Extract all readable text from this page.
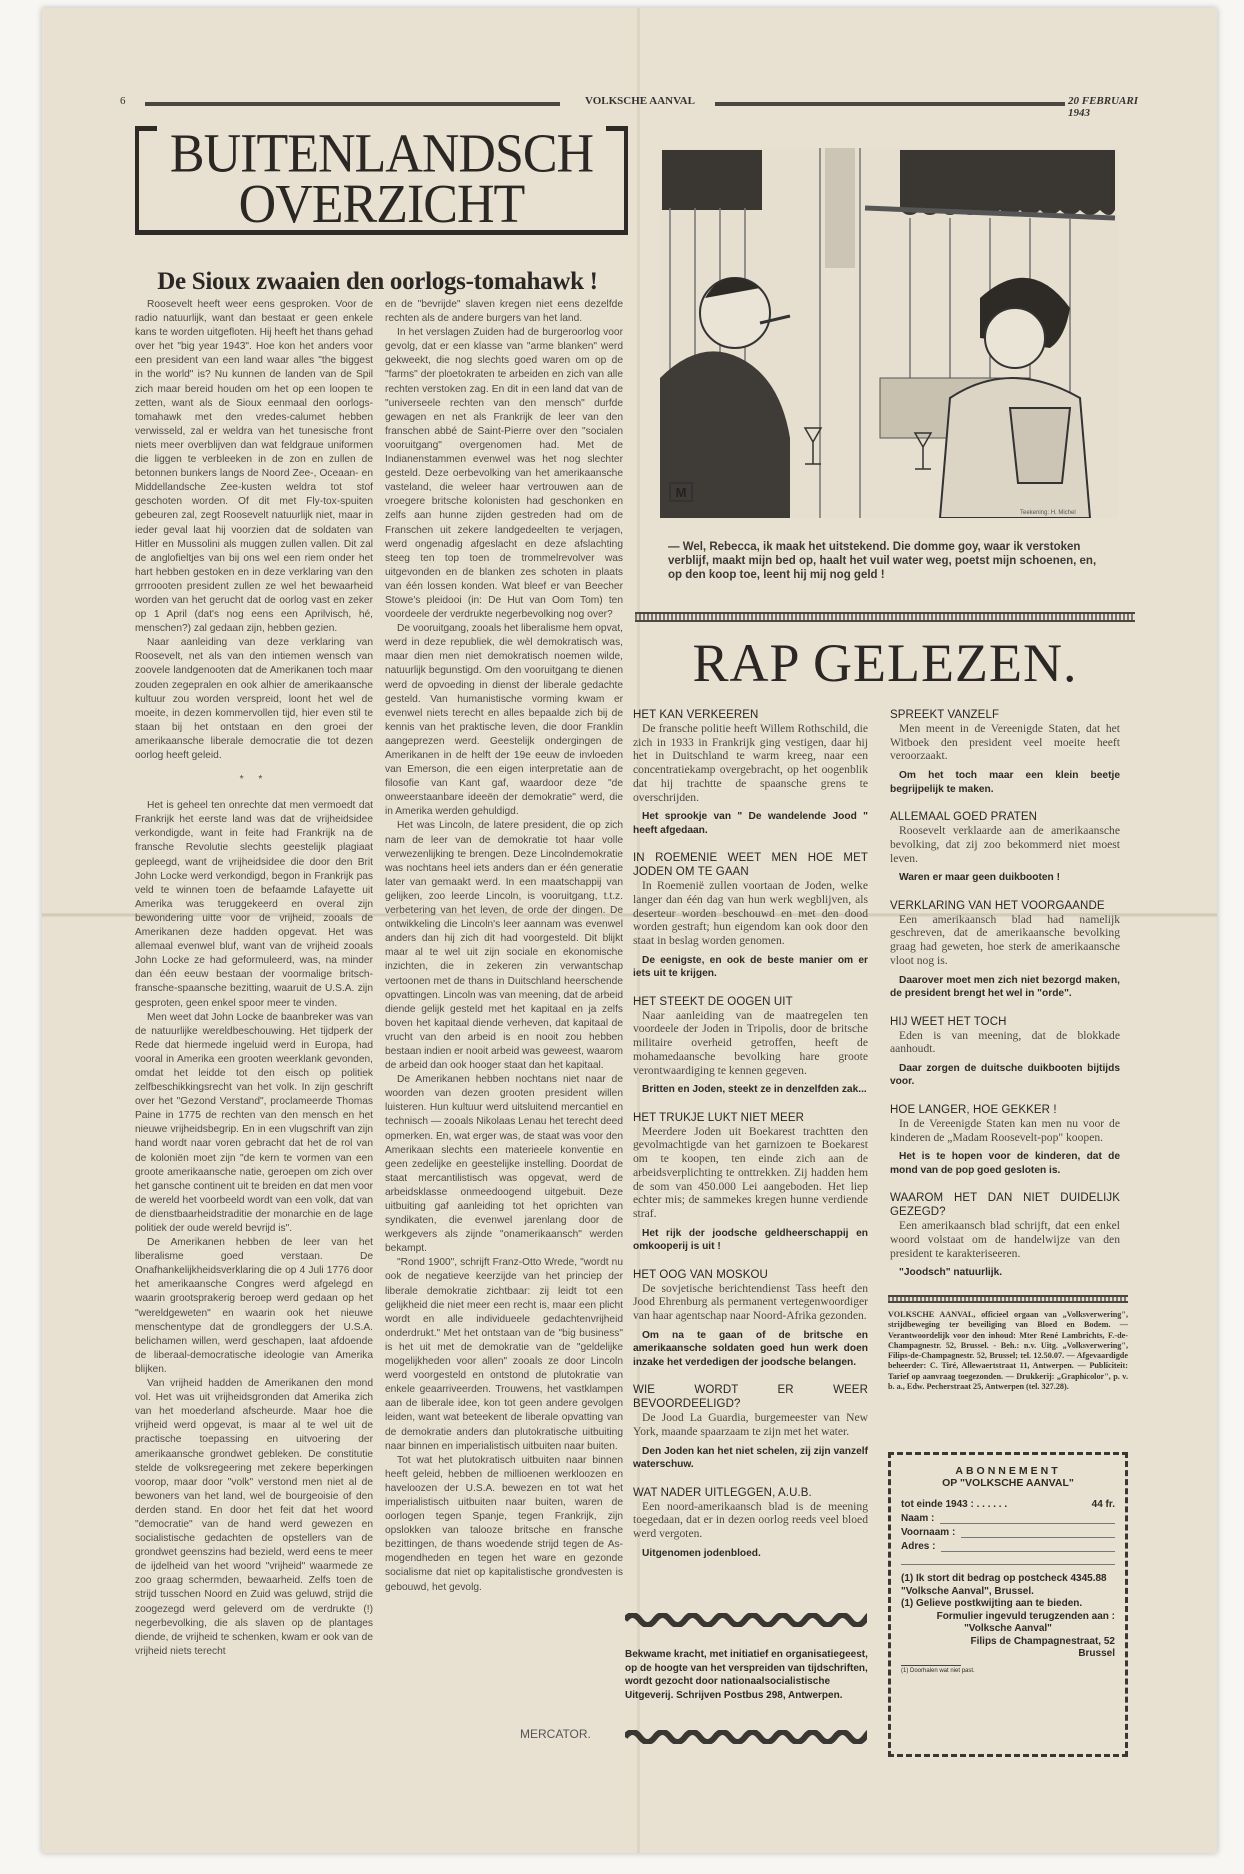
6	VOLKSCHE AANVAL	20 FEBRUARI 1943
BUITENLANDSCH
OVERZICHT
De Sioux zwaaien den oorlogs-tomahawk !

Roosevelt heeft weer eens gesproken. Voor de radio natuurlijk, want dan bestaat er geen enkele kans te worden uitgefloten. Hij heeft het thans gehad over het "big year 1943". Hoe kon het anders voor een president van een land waar alles "the biggest in the world" is? Nu kunnen de landen van de Spil zich maar bereid houden om het op een loopen te zetten, want als de Sioux eenmaal den oorlogs-tomahawk met den vredes-calumet hebben verwisseld, zal er weldra van het tunesische front niets meer overblijven dan wat feldgraue uniformen die liggen te verbleeken in de zon en zullen de betonnen bunkers langs de Noord Zee-, Oceaan- en Middellandsche Zee-kusten weldra tot stof geschoten worden. Of dit met Fly-tox-spuiten gebeuren zal, zegt Roosevelt natuurlijk niet, maar in ieder geval laat hij voorzien dat de soldaten van Hitler en Mussolini als muggen zullen vallen. Dit zal de anglofieltjes van bij ons wel een riem onder het hart hebben gestoken en in deze verklaring van den grrroooten president zullen ze wel het bewaarheid worden van het gerucht dat de oorlog vast en zeker op 1 April (dat's nog eens een Aprilvisch, hé, menschen?) zal gedaan zijn, hebben gezien.

Naar aanleiding van deze verklaring van Roosevelt, net als van den intiemen wensch van zoovele landgenooten dat de Amerikanen toch maar zouden zegepralen en ook alhier de amerikaansche kultuur zou worden verspreid, loont het wel de moeite, in dezen kommervollen tijd, hier even stil te staan bij het ontstaan en den groei der amerikaansche liberale democratie die tot dezen oorlog heeft geleid.

* *

Het is geheel ten onrechte dat men vermoedt dat Frankrijk het eerste land was dat de vrijheidsidee verkondigde, want in feite had Frankrijk na de fransche Revolutie slechts geestelijk plagiaat gepleegd, want de vrijheidsidee die door den Brit John Locke werd verkondigd, begon in Frankrijk pas veld te winnen toen de befaamde Lafayette uit Amerika was teruggekeerd en overal zijn bewondering uitte voor de vrijheid, zooals de Amerikanen deze hadden opgevat. Het was allemaal evenwel bluf, want van de vrijheid zooals John Locke ze had geformuleerd, was, na minder dan één eeuw bestaan der voormalige britsch-fransche-spaansche bezitting, waaruit de U.S.A. zijn gesproten, geen enkel spoor meer te vinden.

Men weet dat John Locke de baanbreker was van de natuurlijke wereldbeschouwing. Het tijdperk der Rede dat hiermede ingeluid werd in Europa, had vooral in Amerika een grooten weerklank gevonden, omdat het leidde tot den eisch op politiek zelfbeschikkingsrecht van het volk. In zijn geschrift over het "Gezond Verstand", proclameerde Thomas Paine in 1775 de rechten van den mensch en het nieuwe vrijheidsbegrip. En in een vlugschrift van zijn hand wordt naar voren gebracht dat het de rol van de koloniën moet zijn "de kern te vormen van een groote amerikaansche natie, geroepen om zich over het gansche continent uit te breiden en dat men voor de wereld het voorbeeld wordt van een volk, dat van de dienstbaarheidstraditie der monarchie en de lage politiek der oude wereld bevrijd is".

De Amerikanen hebben de leer van het liberalisme goed verstaan. De Onafhankelijkheidsverklaring die op 4 Juli 1776 door het amerikaansche Congres werd afgelegd en waarin grootsprakerig beroep werd gedaan op het "wereldgeweten" en waarin ook het nieuwe menschentype dat de grondleggers der U.S.A. belichamen willen, werd geschapen, laat afdoende de liberaal-democratische ideologie van Amerika blijken.

Van vrijheid hadden de Amerikanen den mond vol. Het was uit vrijheidsgronden dat Amerika zich van het moederland afscheurde. Maar hoe die vrijheid werd opgevat, is maar al te wel uit de practische toepassing en uitvoering der amerikaansche grondwet gebleken. De constitutie stelde de volksregeering met zekere beperkingen voorop, maar door "volk" verstond men niet al de bewoners van het land, wel de bourgeoisie of den derden stand. En door het feit dat het woord "democratie" van de hand werd gewezen en socialistische gedachten de opstellers van de grondwet geenszins had bezield, werd eens te meer de ijdelheid van het woord "vrijheid" waarmede ze zoo graag schermden, bewaarheid. Zelfs toen de strijd tusschen Noord en Zuid was geluwd, strijd die zoogezegd werd geleverd om de verdrukte (!) negerbevolking, die als slaven op de plantages diende, de vrijheid te schenken, kwam er ook van de vrijheid niets terecht

en de "bevrijde" slaven kregen niet eens dezelfde rechten als de andere burgers van het land.

In het verslagen Zuiden had de burgeroorlog voor gevolg, dat er een klasse van "arme blanken" werd gekweekt, die nog slechts goed waren om op de "farms" der ploetokraten te arbeiden en zich van alle rechten verstoken zag. En dit in een land dat van de "universeele rechten van den mensch" durfde gewagen en net als Frankrijk de leer van den franschen abbé de Saint-Pierre over den "socialen vooruitgang" overgenomen had. Met de Indianenstammen evenwel was het nog slechter gesteld. Deze oerbevolking van het amerikaansche vasteland, die weleer haar vertrouwen aan de vroegere britsche kolonisten had geschonken en zelfs aan hunne zijden gestreden had om de Franschen uit zekere landgedeelten te verjagen, werd ongenadig afgeslacht en deze afslachting steeg ten top toen de trommelrevolver was uitgevonden en de blanken zes schoten in plaats van één lossen konden. Wat bleef er van Beecher Stowe's pleidooi (in: De Hut van Oom Tom) ten voordeele der verdrukte negerbevolking nog over?

De vooruitgang, zooals het liberalisme hem opvat, werd in deze republiek, die wèl demokratisch was, maar dien men niet demokratisch noemen wilde, natuurlijk begunstigd. Om den vooruitgang te dienen werd de opvoeding in dienst der liberale gedachte gesteld. Van humanistische vorming kwam er evenwel niets terecht en alles bepaalde zich bij de kennis van het praktische leven, die door Franklin aangeprezen werd. Geestelijk ondergingen de Amerikanen in de helft der 19e eeuw de invloeden van Emerson, die een eigen interpretatie aan de filosofie van Kant gaf, waardoor deze "de onweerstaanbare ideeën der demokratie" werd, die in Amerika werden gehuldigd.

Het was Lincoln, de latere president, die op zich nam de leer van de demokratie tot haar volle verwezenlijking te brengen. Deze Lincolndemokratie was nochtans heel iets anders dan er één generatie later van gemaakt werd. In een maatschappij van gelijken, zoo leerde Lincoln, is vooruitgang, t.t.z. verbetering van het leven, de orde der dingen. De ontwikkeling die Lincoln's leer aannam was evenwel anders dan hij zich dit had voorgesteld. Dit blijkt maar al te wel uit zijn sociale en ekonomische inzichten, die in zekeren zin verwantschap vertoonen met de thans in Duitschland heerschende opvattingen. Lincoln was van meening, dat de arbeid diende gelijk gesteld met het kapitaal en ja zelfs boven het kapitaal diende verheven, dat kapitaal de vrucht van den arbeid is en nooit zou hebben bestaan indien er nooit arbeid was geweest, waarom de arbeid dan ook hooger staat dan het kapitaal.

De Amerikanen hebben nochtans niet naar de woorden van dezen grooten president willen luisteren. Hun kultuur werd uitsluitend mercantiel en technisch — zooals Nikolaas Lenau het terecht deed opmerken. En, wat erger was, de staat was voor den Amerikaan slechts een materieele konventie en geen zedelijke en geestelijke instelling. Doordat de staat mercantilistisch was opgevat, werd de arbeidsklasse onmeedoogend uitgebuit. Deze uitbuiting gaf aanleiding tot het oprichten van syndikaten, die evenwel jarenlang door de werkgevers als zijnde "onamerikaansch" werden bekampt.

"Rond 1900", schrijft Franz-Otto Wrede, "wordt nu ook de negatieve keerzijde van het princiep der liberale demokratie zichtbaar: zij leidt tot een gelijkheid die niet meer een recht is, maar een plicht wordt en alle individueele gedachtenvrijheid onderdrukt." Met het ontstaan van de "big business" is het uit met de demokratie van de "geldelijke mogelijkheden voor allen" zooals ze door Lincoln werd voorgesteld en ontstond de plutokratie van enkele geaarriveerden. Trouwens, het vastklampen aan de liberale idee, kon tot geen andere gevolgen leiden, want wat beteekent de liberale opvatting van de demokratie anders dan plutokratische uitbuiting naar binnen en imperialistisch uitbuiten naar buiten.

Tot wat het plutokratisch uitbuiten naar binnen heeft geleid, hebben de millioenen werkloozen en haveloozen der U.S.A. bewezen en tot wat het imperialistisch uitbuiten naar buiten, waren de oorlogen tegen Spanje, tegen Frankrijk, zijn opslokken van talooze britsche en fransche bezittingen, de thans woedende strijd tegen de As-mogendheden en tegen het ware en gezonde socialisme dat niet op kapitalistische grondvesten is gebouwd, het gevolg.

MERCATOR.
M
Teekening: H. Michel
— Wel, Rebecca, ik maak het uitstekend. Die domme goy, waar ik verstoken verblijf, maakt mijn bed op, haalt het vuil water weg, poetst mijn schoenen, en, op den koop toe, leent hij mij nog geld !
RAP GELEZEN.
HET KAN VERKEEREN

De fransche politie heeft Willem Rothschild, die zich in 1933 in Frankrijk ging vestigen, daar hij het in Duitschland te warm kreeg, naar een concentratiekamp overgebracht, op het oogenblik dat hij trachtte de spaansche grens te overschrijden.

Het sprookje van " De wandelende Jood " heeft afgedaan.

IN ROEMENIE WEET MEN HOE MET JODEN OM TE GAAN

In Roemenië zullen voortaan de Joden, welke langer dan één dag van hun werk wegblijven, als deserteur worden beschouwd en met den dood worden gestraft; hun eigendom kan ook door den staat in beslag worden genomen.

De eenigste, en ook de beste manier om er iets uit te krijgen.

HET STEEKT DE OOGEN UIT

Naar aanleiding van de maatregelen ten voordeele der Joden in Tripolis, door de britsche militaire overheid getroffen, heeft de mohamedaansche bevolking hare groote verontwaardiging te kennen gegeven.

Britten en Joden, steekt ze in denzelfden zak...

HET TRUKJE LUKT NIET MEER

Meerdere Joden uit Boekarest trachtten den gevolmachtigde van het garnizoen te Boekarest om te koopen, ten einde zich aan de arbeidsverplichting te onttrekken. Zij hadden hem de som van 450.000 Lei aangeboden. Het liep echter mis; de sammekes kregen hunne verdiende straf.

Het rijk der joodsche geldheerschappij en omkooperij is uit !

HET OOG VAN MOSKOU

De sovjetische berichtendienst Tass heeft den Jood Ehrenburg als permanent vertegenwoordiger van haar agentschap naar Noord-Afrika gezonden.

Om na te gaan of de britsche en amerikaansche soldaten goed hun werk doen inzake het verdedigen der joodsche belangen.

WIE WORDT ER WEER BEVOORDEELIGD?

De Jood La Guardia, burgemeester van New York, maande spaarzaam te zijn met het water.

Den Joden kan het niet schelen, zij zijn vanzelf waterschuw.

WAT NADER UITLEGGEN, A.U.B.

Een noord-amerikaansch blad is de meening toegedaan, dat er in dezen oorlog reeds veel bloed werd vergoten.

Uitgenomen jodenbloed.

SPREEKT VANZELF

Men meent in de Vereenigde Staten, dat het Witboek den president veel moeite heeft veroorzaakt.

Om het toch maar een klein beetje begrijpelijk te maken.

ALLEMAAL GOED PRATEN

Roosevelt verklaarde aan de amerikaansche bevolking, dat zij zoo bekommerd niet moest leven.

Waren er maar geen duikbooten !

VERKLARING VAN HET VOORGAANDE

Een amerikaansch blad had namelijk geschreven, dat de amerikaansche bevolking graag had geweten, hoe sterk de amerikaansche vloot nog is.

Daarover moet men zich niet bezorgd maken, de president brengt het wel in "orde".

HIJ WEET HET TOCH

Eden is van meening, dat de blokkade aanhoudt.

Daar zorgen de duitsche duikbooten bijtijds voor.

HOE LANGER, HOE GEKKER !

In de Vereenigde Staten kan men nu voor de kinderen de „Madam Roosevelt-pop" koopen.

Het is te hopen voor de kinderen, dat de mond van de pop goed gesloten is.

WAAROM HET DAN NIET DUIDELIJK GEZEGD?

Een amerikaansch blad schrijft, dat een enkel woord volstaat om de handelwijze van den president te karakteriseeren.

"Joodsch" natuurlijk.

Bekwame kracht, met initiatief en organisatiegeest, op de hoogte van het verspreiden van tijdschriften, wordt gezocht door nationaalsocialistische Uitgeverij. Schrijven Postbus 298, Antwerpen.
VOLKSCHE AANVAL, officieel orgaan van „Volksverwering", strijdbeweging ter beveiliging van Bloed en Bodem. — Verantwoordelijk voor den inhoud: Mter René Lambrichts, F.-de-Champagnestr. 52, Brussel. - Beh.: n.v. Uitg. „Volksverwering", Filips-de-Champagnestr. 52, Brussel; tel. 12.50.07. — Afgevaardigde beheerder: C. Tiré, Allewaertstraat 11, Antwerpen. — Publiciteit: Tarief op aanvraag toegezonden. — Drukkerij: „Graphicolor", p. v. b. a., Edw. Pecherstraat 25, Antwerpen (tel. 327.28).
ABONNEMENT
OP "VOLKSCHE AANVAL"
tot einde 1943 : . . . . . .	44 fr.
Naam :
Voornaam :
Adres :
(1) Ik stort dit bedrag op postcheck 4345.88 "Volksche Aanval", Brussel.
(1) Gelieve postkwijting aan te bieden.
Formulier ingevuld terugzenden aan :
"Volksche Aanval"
Filips de Champagnestraat, 52
Brussel
(1) Doorhalen wat niet past.
